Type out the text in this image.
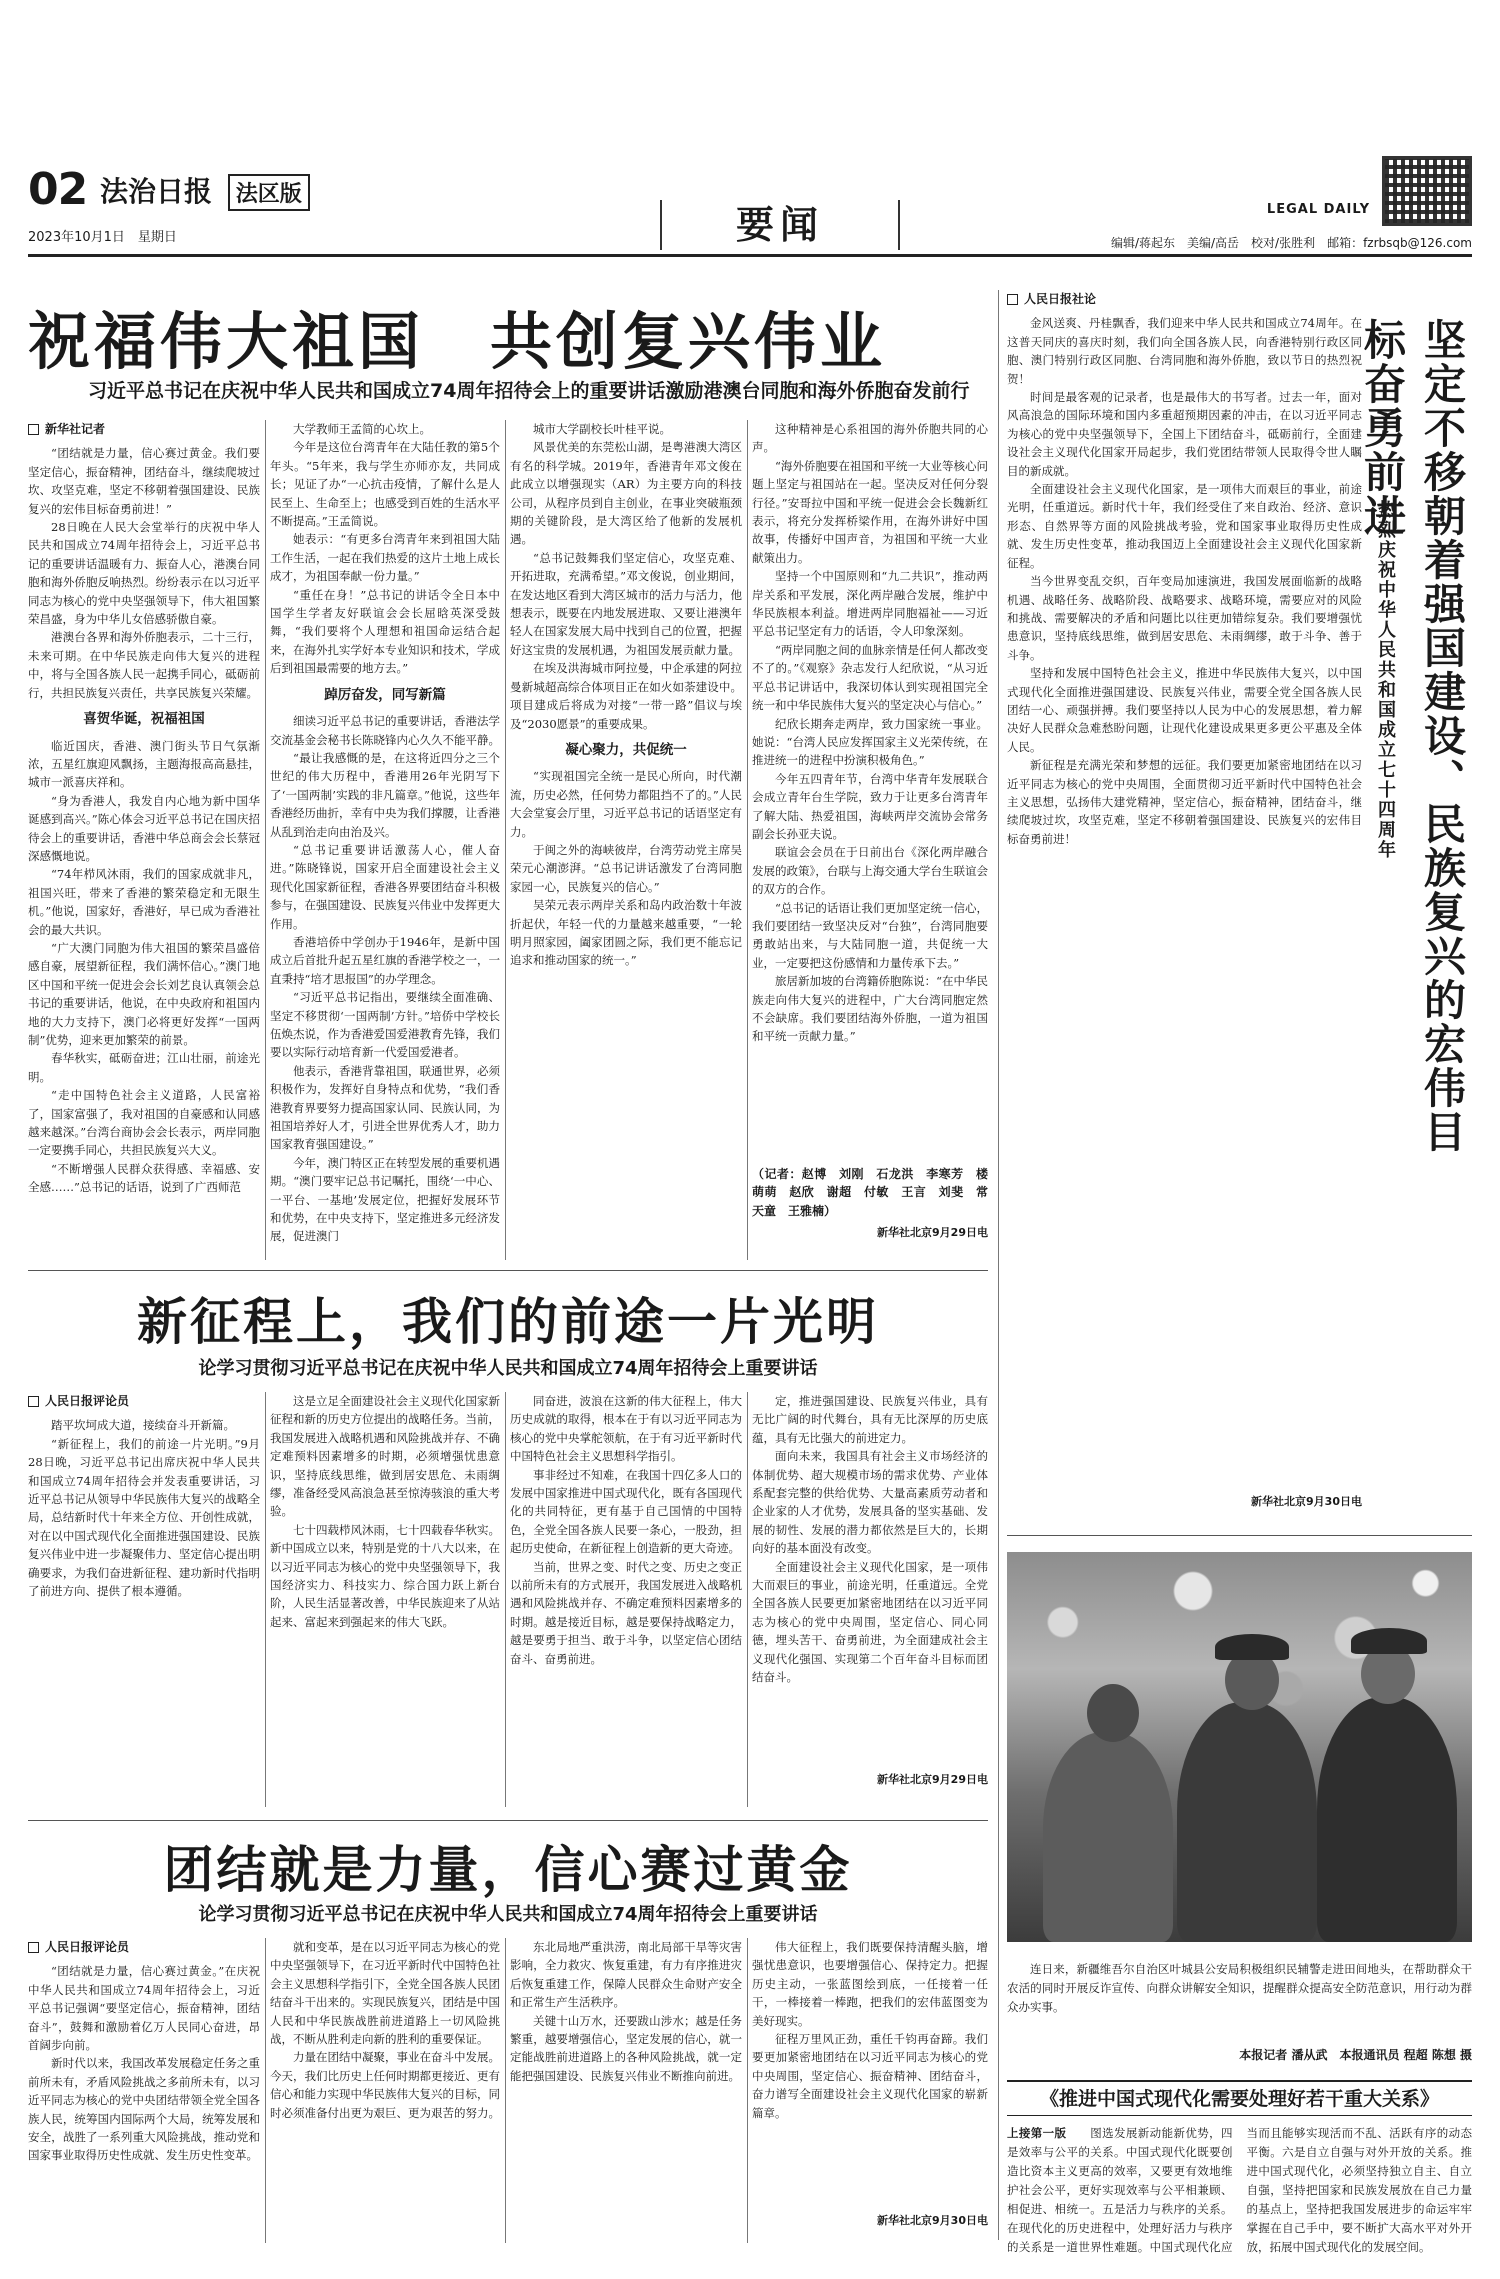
02 法治日报 法区版
2023年10月1日　星期日	要闻	LEGAL DAILY
编辑/蒋起东　美编/高岳　校对/张胜利　邮箱：fzrbsqb@126.com
祝福伟大祖国　共创复兴伟业
习近平总书记在庆祝中华人民共和国成立74周年招待会上的重要讲话激励港澳台同胞和海外侨胞奋发前行

新华社记者

“团结就是力量，信心赛过黄金。我们要坚定信心，振奋精神，团结奋斗，继续爬坡过坎、攻坚克难，坚定不移朝着强国建设、民族复兴的宏伟目标奋勇前进！”

28日晚在人民大会堂举行的庆祝中华人民共和国成立74周年招待会上，习近平总书记的重要讲话温暖有力、振奋人心，港澳台同胞和海外侨胞反响热烈。纷纷表示在以习近平同志为核心的党中央坚强领导下，伟大祖国繁荣昌盛，身为中华儿女倍感骄傲自豪。

港澳台各界和海外侨胞表示，二十三行，未来可期。在中华民族走向伟大复兴的进程中，将与全国各族人民一起携手同心，砥砺前行，共担民族复兴责任，共享民族复兴荣耀。

喜贺华诞，祝福祖国

临近国庆，香港、澳门街头节日气氛渐浓，五星红旗迎风飘扬，主题海报高高悬挂，城市一派喜庆祥和。

“身为香港人，我发自内心地为新中国华诞感到高兴。”陈心体会习近平总书记在国庆招待会上的重要讲话，香港中华总商会会长蔡冠深感慨地说。

“74年栉风沐雨，我们的国家成就非凡，祖国兴旺，带来了香港的繁荣稳定和无限生机。”他说，国家好，香港好，早已成为香港社会的最大共识。

“广大澳门同胞为伟大祖国的繁荣昌盛倍感自豪，展望新征程，我们满怀信心。”澳门地区中国和平统一促进会会长刘艺良认真领会总书记的重要讲话，他说，在中央政府和祖国内地的大力支持下，澳门必将更好发挥“一国两制”优势，迎来更加繁荣的前景。

春华秋实，砥砺奋进；江山壮丽，前途光明。

“走中国特色社会主义道路，人民富裕了，国家富强了，我对祖国的自豪感和认同感越来越深。”台湾台商协会会长表示，两岸同胞一定要携手同心，共担民族复兴大义。

“不断增强人民群众获得感、幸福感、安全感……”总书记的话语，说到了广西师范

大学教师王孟简的心坎上。

今年是这位台湾青年在大陆任教的第5个年头。“5年来，我与学生亦师亦友，共同成长；见证了办“一心抗击疫情，了解什么是人民至上、生命至上；也感受到百姓的生活水平不断提高。”王孟简说。

她表示：“有更多台湾青年来到祖国大陆工作生活，一起在我们热爱的这片土地上成长成才，为祖国奉献一份力量。”

“重任在身！”总书记的讲话令全日本中国学生学者友好联谊会会长屈晗英深受鼓舞，“我们要将个人理想和祖国命运结合起来，在海外扎实学好本专业知识和技术，学成后到祖国最需要的地方去。”

踔厉奋发，同写新篇

细读习近平总书记的重要讲话，香港法学交流基金会秘书长陈晓锋内心久久不能平静。

“最让我感慨的是，在这将近四分之三个世纪的伟大历程中，香港用26年光阴写下了‘一国两制’实践的非凡篇章。”他说，这些年香港经历曲折，幸有中央为我们撑腰，让香港从乱到治走向由治及兴。

“总书记重要讲话激荡人心，催人奋进。”陈晓锋说，国家开启全面建设社会主义现代化国家新征程，香港各界要团结奋斗积极参与，在强国建设、民族复兴伟业中发挥更大作用。

香港培侨中学创办于1946年，是新中国成立后首批升起五星红旗的香港学校之一，一直秉持“培才思报国”的办学理念。

“习近平总书记指出，要继续全面准确、坚定不移贯彻‘一国两制’方针。”培侨中学校长伍焕杰说，作为香港爱国爱港教育先锋，我们要以实际行动培育新一代爱国爱港者。

他表示，香港背靠祖国，联通世界，必须积极作为，发挥好自身特点和优势，“我们香港教育界要努力提高国家认同、民族认同，为祖国培养好人才，引进全世界优秀人才，助力国家教育强国建设。”

今年，澳门特区正在转型发展的重要机遇期。“澳门要牢记总书记嘱托，围绕‘一中心、一平台、一基地’发展定位，把握好发展环节和优势，在中央支持下，坚定推进多元经济发展，促进澳门

城市大学副校长叶桂平说。

风景优美的东莞松山湖，是粤港澳大湾区有名的科学城。2019年，香港青年邓文俊在此成立以增强现实（AR）为主要方向的科技公司，从程序员到自主创业，在事业突破瓶颈期的关键阶段，是大湾区给了他新的发展机遇。

“总书记鼓舞我们坚定信心，攻坚克难、开拓进取，充满希望。”邓文俊说，创业期间，在发达地区看到大湾区城市的活力与活力，他想表示，既要在内地发展进取、又要让港澳年轻人在国家发展大局中找到自己的位置，把握好这宝贵的发展机遇，为祖国发展贡献力量。

在埃及洪海城市阿拉曼，中企承建的阿拉曼新城超高综合体项目正在如火如荼建设中。项目建成后将成为对接“一带一路”倡议与埃及“2030愿景”的重要成果。

凝心聚力，共促统一

“实现祖国完全统一是民心所向，时代潮流，历史必然，任何势力都阻挡不了的。”人民大会堂宴会厅里，习近平总书记的话语坚定有力。

于闽之外的海峡彼岸，台湾劳动党主席吴荣元心潮澎湃。“总书记讲话激发了台湾同胞家园一心，民族复兴的信心。”

吴荣元表示两岸关系和岛内政治数十年波折起伏，年轻一代的力量越来越重要，“一轮明月照家园，阖家团圆之际，我们更不能忘记追求和推动国家的统一。”

这种精神是心系祖国的海外侨胞共同的心声。

“海外侨胞要在祖国和平统一大业等核心问题上坚定与祖国站在一起。坚决反对任何分裂行径。”安哥拉中国和平统一促进会会长魏新红表示，将充分发挥桥梁作用，在海外讲好中国故事，传播好中国声音，为祖国和平统一大业献策出力。

坚持一个中国原则和“九二共识”，推动两岸关系和平发展，深化两岸融合发展，维护中华民族根本利益。增进两岸同胞福祉——习近平总书记坚定有力的话语，令人印象深刻。

“两岸同胞之间的血脉亲情是任何人都改变不了的。”《观察》杂志发行人纪欣说，“从习近平总书记讲话中，我深切体认到实现祖国完全统一和中华民族伟大复兴的坚定决心与信心。”

纪欣长期奔走两岸，致力国家统一事业。她说：“台湾人民应发挥国家主义光荣传统，在推进统一的进程中扮演积极角色。”

今年五四青年节，台湾中华青年发展联合会成立青年台生学院，致力于让更多台湾青年了解大陆、热爱祖国，海峡两岸交流协会常务副会长孙亚夫说。

联谊会会员在于日前出台《深化两岸融合发展的政策》，台联与上海交通大学台生联谊会的双方的合作。

“总书记的话语让我们更加坚定统一信心，我们要团结一致坚决反对“台独”，台湾同胞要勇敢站出来，与大陆同胞一道，共促统一大业，一定要把这份感情和力量传承下去。”

旅居新加坡的台湾籍侨胞陈说：“在中华民族走向伟大复兴的进程中，广大台湾同胞定然不会缺席。我们要团结海外侨胞，一道为祖国和平统一贡献力量。”

（记者：赵博　刘刚　石龙洪　李寒芳　楼萌萌　赵欣　谢超　付敏　王言　刘斐　常天童　王雅楠）

新华社北京9月29日电

新征程上，我们的前途一片光明
论学习贯彻习近平总书记在庆祝中华人民共和国成立74周年招待会上重要讲话

人民日报评论员

踏平坎坷成大道，接续奋斗开新篇。

“新征程上，我们的前途一片光明。”9月28日晚，习近平总书记出席庆祝中华人民共和国成立74周年招待会并发表重要讲话，习近平总书记从领导中华民族伟大复兴的战略全局，总结新时代十年来全方位、开创性成就，对在以中国式现代化全面推进强国建设、民族复兴伟业中进一步凝聚伟力、坚定信心提出明确要求，为我们奋进新征程、建功新时代指明了前进方向、提供了根本遵循。

这是立足全面建设社会主义现代化国家新征程和新的历史方位提出的战略任务。当前，我国发展进入战略机遇和风险挑战并存、不确定难预料因素增多的时期，必须增强忧患意识，坚持底线思维，做到居安思危、未雨绸缪，准备经受风高浪急甚至惊涛骇浪的重大考验。

七十四载栉风沐雨，七十四载春华秋实。新中国成立以来，特别是党的十八大以来，在以习近平同志为核心的党中央坚强领导下，我国经济实力、科技实力、综合国力跃上新台阶，人民生活显著改善，中华民族迎来了从站起来、富起来到强起来的伟大飞跃。

同奋进，波浪在这新的伟大征程上，伟大历史成就的取得，根本在于有以习近平同志为核心的党中央掌舵领航，在于有习近平新时代中国特色社会主义思想科学指引。

事非经过不知难，在我国十四亿多人口的发展中国家推进中国式现代化，既有各国现代化的共同特征，更有基于自己国情的中国特色，全党全国各族人民要一条心，一股劲，担起历史使命，在新征程上创造新的更大奇迹。

当前，世界之变、时代之变、历史之变正以前所未有的方式展开，我国发展进入战略机遇和风险挑战并存、不确定难预料因素增多的时期。越是接近目标，越是要保持战略定力，越是要勇于担当、敢于斗争，以坚定信心团结奋斗、奋勇前进。

定，推进强国建设、民族复兴伟业，具有无比广阔的时代舞台，具有无比深厚的历史底蕴，具有无比强大的前进定力。

面向未来，我国具有社会主义市场经济的体制优势、超大规模市场的需求优势、产业体系配套完整的供给优势、大量高素质劳动者和企业家的人才优势，发展具备的坚实基础、发展的韧性、发展的潜力都依然是巨大的，长期向好的基本面没有改变。

全面建设社会主义现代化国家，是一项伟大而艰巨的事业，前途光明，任重道远。全党全国各族人民要更加紧密地团结在以习近平同志为核心的党中央周围，坚定信心、同心同德，埋头苦干、奋勇前进，为全面建成社会主义现代化强国、实现第二个百年奋斗目标而团结奋斗。

新华社北京9月29日电

团结就是力量，信心赛过黄金
论学习贯彻习近平总书记在庆祝中华人民共和国成立74周年招待会上重要讲话

人民日报评论员

“团结就是力量，信心赛过黄金。”在庆祝中华人民共和国成立74周年招待会上，习近平总书记强调“要坚定信心，振奋精神，团结奋斗”，鼓舞和激励着亿万人民同心奋进，昂首阔步向前。

新时代以来，我国改革发展稳定任务之重前所未有，矛盾风险挑战之多前所未有，以习近平同志为核心的党中央团结带领全党全国各族人民，统筹国内国际两个大局，统筹发展和安全，战胜了一系列重大风险挑战，推动党和国家事业取得历史性成就、发生历史性变革。

就和变革，是在以习近平同志为核心的党中央坚强领导下，在习近平新时代中国特色社会主义思想科学指引下，全党全国各族人民团结奋斗干出来的。实现民族复兴，团结是中国人民和中华民族战胜前进道路上一切风险挑战，不断从胜利走向新的胜利的重要保证。

力量在团结中凝聚，事业在奋斗中发展。今天，我们比历史上任何时期都更接近、更有信心和能力实现中华民族伟大复兴的目标，同时必须准备付出更为艰巨、更为艰苦的努力。

东北局地严重洪涝，南北局部干旱等灾害影响，全力救灾、恢复重建，有力有序推进灾后恢复重建工作，保障人民群众生命财产安全和正常生产生活秩序。

关键十山万水，还要跋山涉水；越是任务繁重，越要增强信心，坚定发展的信心，就一定能战胜前进道路上的各种风险挑战，就一定能把强国建设、民族复兴伟业不断推向前进。

伟大征程上，我们既要保持清醒头脑，增强忧患意识，也要增强信心、保持定力。把握历史主动，一张蓝图绘到底，一任接着一任干，一棒接着一棒跑，把我们的宏伟蓝图变为美好现实。

征程万里风正劲，重任千钧再奋蹄。我们要更加紧密地团结在以习近平同志为核心的党中央周围，坚定信心、振奋精神、团结奋斗，奋力谱写全面建设社会主义现代化国家的崭新篇章。

新华社北京9月30日电

人民日报社论

金风送爽、丹桂飘香，我们迎来中华人民共和国成立74周年。在这普天同庆的喜庆时刻，我们向全国各族人民，向香港特别行政区同胞、澳门特别行政区同胞、台湾同胞和海外侨胞，致以节日的热烈祝贺！

时间是最客观的记录者，也是最伟大的书写者。过去一年，面对风高浪急的国际环境和国内多重超预期因素的冲击，在以习近平同志为核心的党中央坚强领导下，全国上下团结奋斗，砥砺前行，全面建设社会主义现代化国家开局起步，我们党团结带领人民取得令世人瞩目的新成就。

全面建设社会主义现代化国家，是一项伟大而艰巨的事业，前途光明，任重道远。新时代十年，我们经受住了来自政治、经济、意识形态、自然界等方面的风险挑战考验，党和国家事业取得历史性成就、发生历史性变革，推动我国迈上全面建设社会主义现代化国家新征程。

当今世界变乱交织，百年变局加速演进，我国发展面临新的战略机遇、战略任务、战略阶段、战略要求、战略环境，需要应对的风险和挑战、需要解决的矛盾和问题比以往更加错综复杂。我们要增强忧患意识，坚持底线思维，做到居安思危、未雨绸缪，敢于斗争、善于斗争。

坚持和发展中国特色社会主义，推进中华民族伟大复兴，以中国式现代化全面推进强国建设、民族复兴伟业，需要全党全国各族人民团结一心、顽强拼搏。我们要坚持以人民为中心的发展思想，着力解决好人民群众急难愁盼问题，让现代化建设成果更多更公平惠及全体人民。

新征程是充满光荣和梦想的远征。我们要更加紧密地团结在以习近平同志为核心的党中央周围，全面贯彻习近平新时代中国特色社会主义思想，弘扬伟大建党精神，坚定信心，振奋精神，团结奋斗，继续爬坡过坎，攻坚克难，坚定不移朝着强国建设、民族复兴的宏伟目标奋勇前进！

新华社北京9月30日电

坚定不移朝着强国建设、民族复兴的宏伟目标奋勇前进
热烈庆祝中华人民共和国成立七十四周年

连日来，新疆维吾尔自治区叶城县公安局积极组织民辅警走进田间地头，在帮助群众干农活的同时开展反诈宣传、向群众讲解安全知识，提醒群众提高安全防范意识，用行动为群众办实事。

本报记者 潘从武　本报通讯员 程超 陈想 摄
《推进中国式现代化需要处理好若干重大关系》
上接第一版　　图选发展新动能新优势，四是效率与公平的关系。中国式现代化既要创造比资本主义更高的效率，又要更有效地维护社会公平，更好实现效率与公平相兼顾、相促进、相统一。五是活力与秩序的关系。在现代化的历史进程中，处理好活力与秩序的关系是一道世界性难题。中国式现代化应当而且能够实现活而不乱、活跃有序的动态平衡。六是自立自强与对外开放的关系。推进中国式现代化，必须坚持独立自主、自立自强，坚持把国家和民族发展放在自己力量的基点上，坚持把我国发展进步的命运牢牢掌握在自己手中，要不断扩大高水平对外开放，拓展中国式现代化的发展空间。
